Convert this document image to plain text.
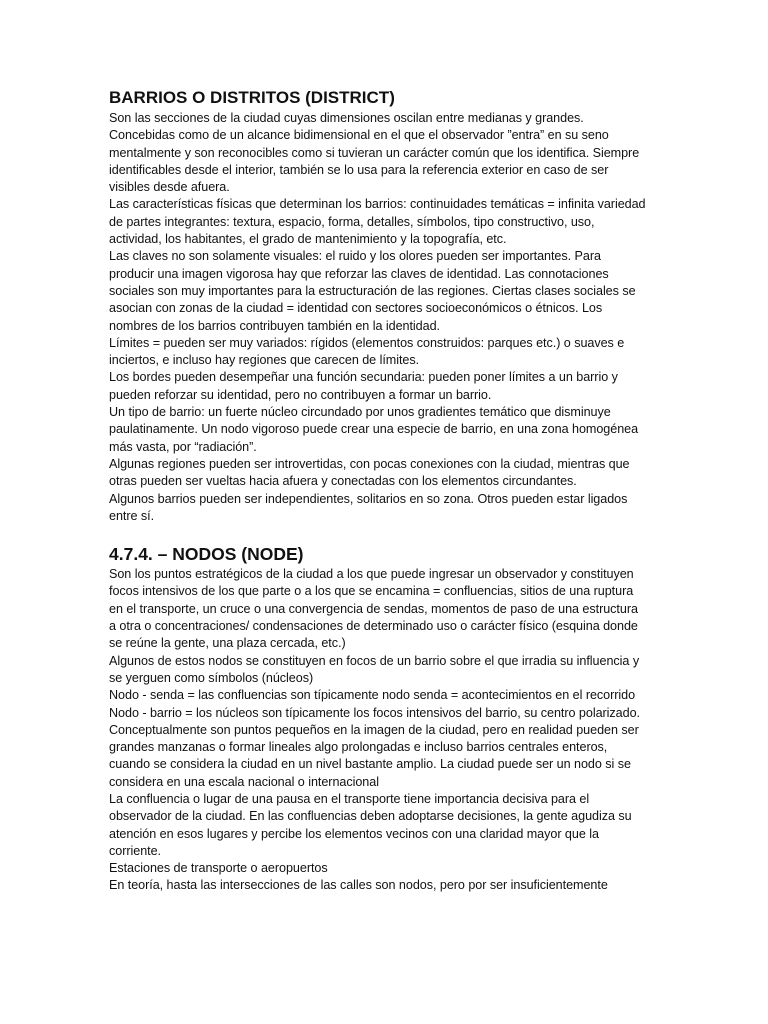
BARRIOS O DISTRITOS (DISTRICT)

Son las secciones de la ciudad cuyas dimensiones oscilan entre medianas y grandes. Concebidas como de un alcance bidimensional en el que el observador ”entra” en su seno mentalmente y son reconocibles como si tuvieran un carácter común que los identifica. Siempre identificables desde el interior, también se lo usa para la referencia exterior en caso de ser visibles desde afuera.

Las características físicas que determinan los barrios: continuidades temáticas = infinita variedad de partes integrantes: textura, espacio, forma, detalles, símbolos, tipo constructivo, uso, actividad, los habitantes, el grado de mantenimiento y la topografía, etc.

Las claves no son solamente visuales: el ruido y los olores pueden ser importantes. Para producir una imagen vigorosa hay que reforzar las claves de identidad. Las connotaciones sociales son muy importantes para la estructuración de las regiones. Ciertas clases sociales se asocian con zonas de la ciudad = identidad con sectores socioeconómicos o étnicos. Los nombres de los barrios contribuyen también en la identidad.

Límites = pueden ser muy variados: rígidos (elementos construidos: parques etc.) o suaves e inciertos, e incluso hay regiones que carecen de límites.

Los bordes pueden desempeñar una función secundaria: pueden poner límites a un barrio y pueden reforzar su identidad, pero no contribuyen a formar un barrio.

Un tipo de barrio: un fuerte núcleo circundado por unos gradientes temático que disminuye paulatinamente. Un nodo vigoroso puede crear una especie de barrio, en una zona homogénea más vasta, por “radiación”.

Algunas regiones pueden ser introvertidas, con pocas conexiones con la ciudad, mientras que otras pueden ser vueltas hacia afuera y conectadas con los elementos circundantes.

Algunos barrios pueden ser independientes, solitarios en so zona. Otros pueden estar ligados entre sí.

4.7.4. – NODOS (NODE)

Son los puntos estratégicos de la ciudad a los que puede ingresar un observador y constituyen focos intensivos de los que parte o a los que se encamina = confluencias, sitios de una ruptura en el transporte, un cruce o una convergencia de sendas, momentos de paso de una estructura a otra o concentraciones/ condensaciones de determinado uso o carácter físico (esquina donde se reúne la gente, una plaza cercada, etc.)

Algunos de estos nodos se constituyen en focos de un barrio sobre el que irradia su influencia y se yerguen como símbolos (núcleos)

Nodo - senda = las confluencias son típicamente nodo senda = acontecimientos en el recorrido

Nodo - barrio = los núcleos son típicamente los focos intensivos del barrio, su centro polarizado.

Conceptualmente son puntos pequeños en la imagen de la ciudad, pero en realidad pueden ser grandes manzanas o formar lineales algo prolongadas e incluso barrios centrales enteros, cuando se considera la ciudad en un nivel bastante amplio. La ciudad puede ser un nodo si se considera en una escala nacional o internacional

La confluencia o lugar de una pausa en el transporte tiene importancia decisiva para el observador de la ciudad. En las confluencias deben adoptarse decisiones, la gente agudiza su atención en esos lugares y percibe los elementos vecinos con una claridad mayor que la corriente.

Estaciones de transporte o aeropuertos

En teoría, hasta las intersecciones de las calles son nodos, pero por ser insuficientemente
